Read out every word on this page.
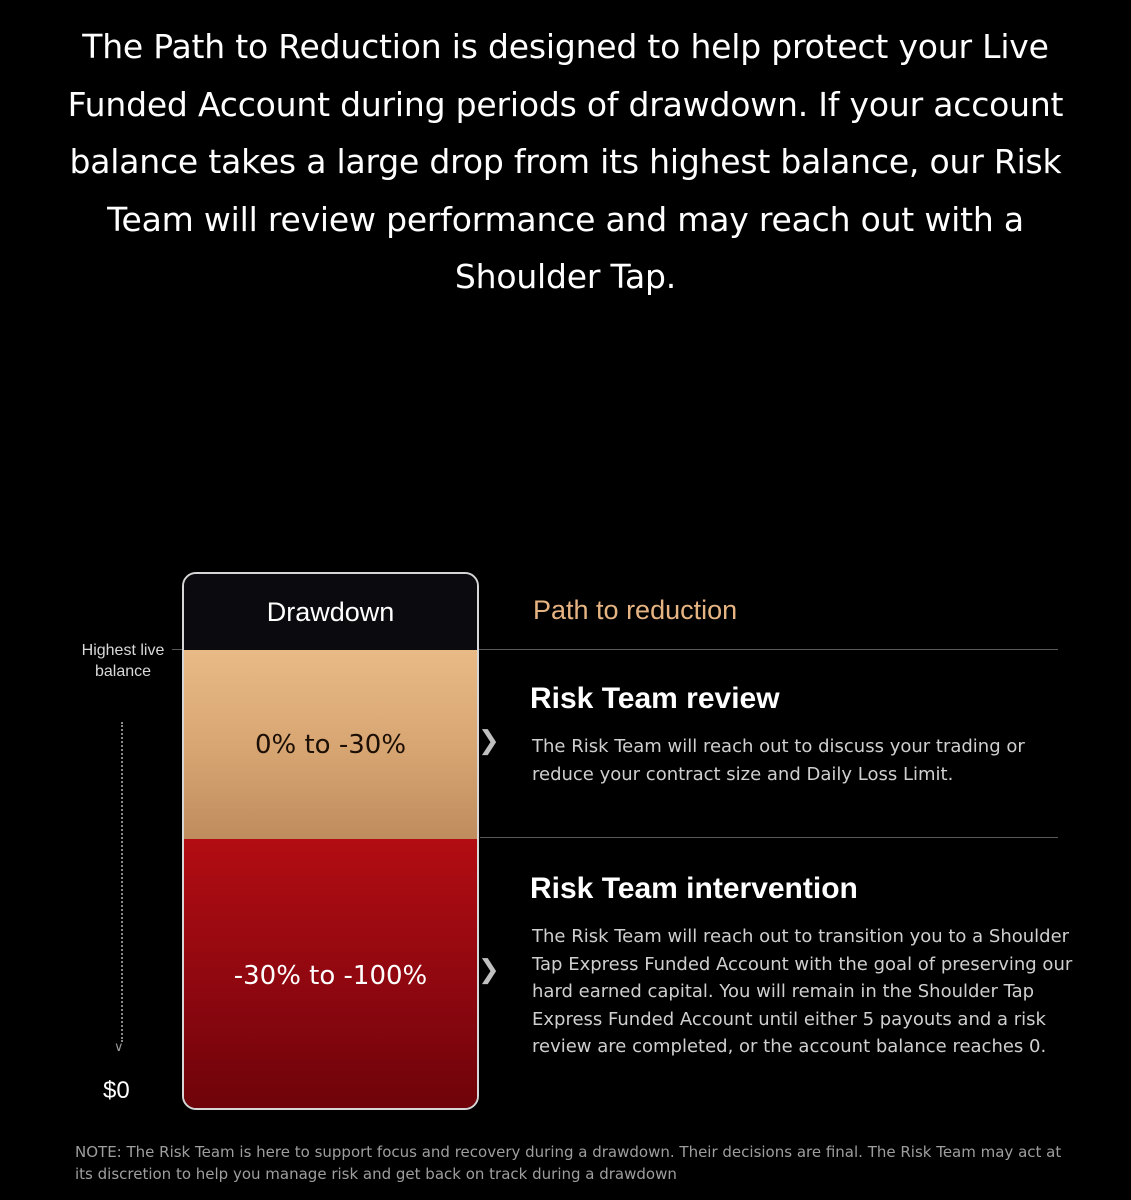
The Path to Reduction is designed to help protect your Live Funded Account during periods of drawdown. If your account balance takes a large drop from its highest balance, our Risk Team will review performance and may reach out with a Shoulder Tap.

Highest live balance
∨
$0
Drawdown
0% to -30%
-30% to -100%
❯
❯
Path to reduction
Risk Team review
The Risk Team will reach out to discuss your trading or reduce your contract size and Daily Loss Limit.
Risk Team intervention
The Risk Team will reach out to transition you to a Shoulder Tap Express Funded Account with the goal of preserving our hard earned capital. You will remain in the Shoulder Tap Express Funded Account until either 5 payouts and a risk review are completed, or the account balance reaches 0.
NOTE: The Risk Team is here to support focus and recovery during a drawdown. Their decisions are final. The Risk Team may act at its discretion to help you manage risk and get back on track during a drawdown
